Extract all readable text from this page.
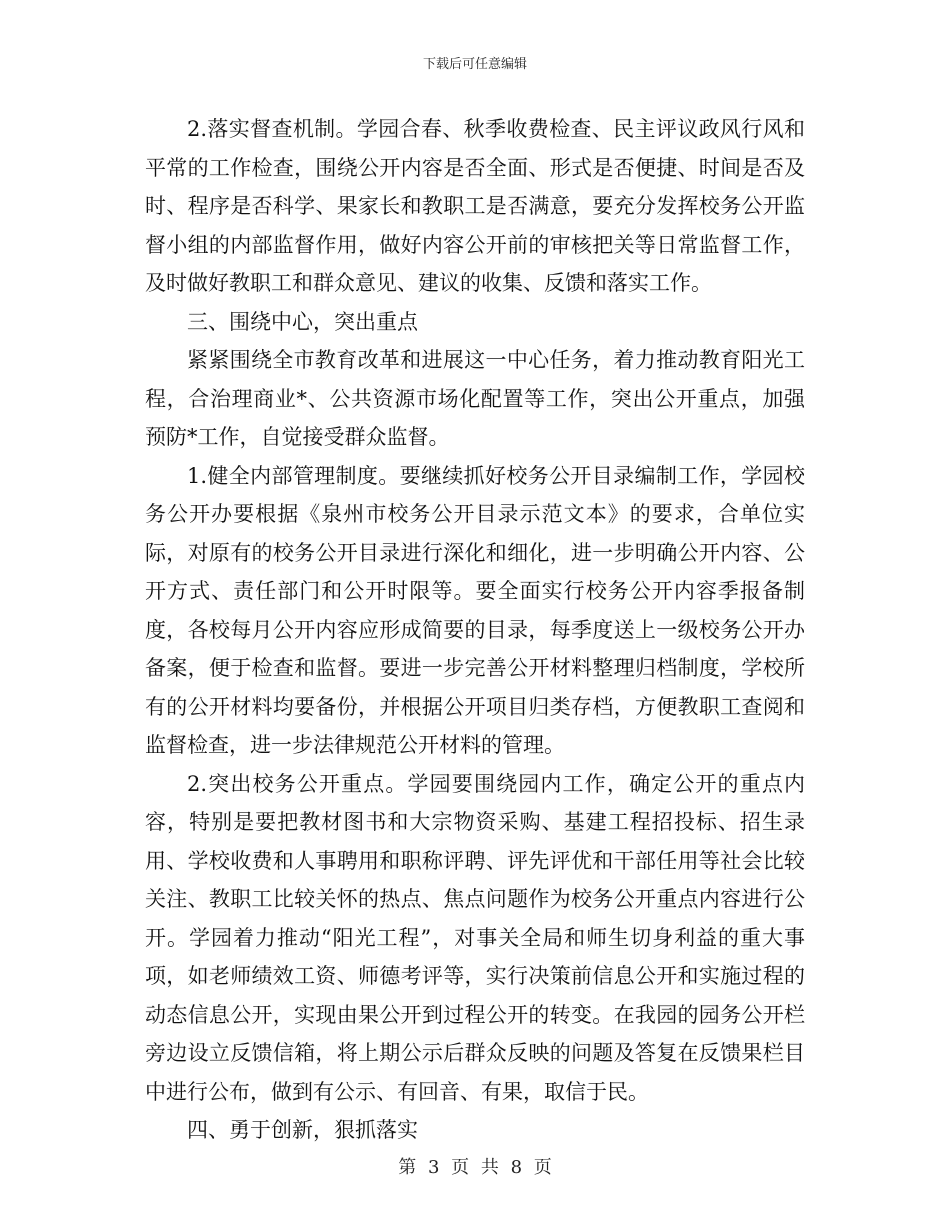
下载后可任意编辑

2.落实督查机制。学园合春、秋季收费检查、民主评议政风行风和平常的工作检查，围绕公开内容是否全面、形式是否便捷、时间是否及时、程序是否科学、果家长和教职工是否满意，要充分发挥校务公开监督小组的内部监督作用，做好内容公开前的审核把关等日常监督工作，及时做好教职工和群众意见、建议的收集、反馈和落实工作。

三、围绕中心，突出重点

紧紧围绕全市教育改革和进展这一中心任务，着力推动教育阳光工程，合治理商业*、公共资源市场化配置等工作，突出公开重点，加强预防*工作，自觉接受群众监督。

1.健全内部管理制度。要继续抓好校务公开目录编制工作，学园校务公开办要根据《泉州市校务公开目录示范文本》的要求，合单位实际，对原有的校务公开目录进行深化和细化，进一步明确公开内容、公开方式、责任部门和公开时限等。要全面实行校务公开内容季报备制度，各校每月公开内容应形成简要的目录，每季度送上一级校务公开办备案，便于检查和监督。要进一步完善公开材料整理归档制度，学校所有的公开材料均要备份，并根据公开项目归类存档，方便教职工查阅和监督检查，进一步法律规范公开材料的管理。

2.突出校务公开重点。学园要围绕园内工作，确定公开的重点内容，特别是要把教材图书和大宗物资采购、基建工程招投标、招生录用、学校收费和人事聘用和职称评聘、评先评优和干部任用等社会比较关注、教职工比较关怀的热点、焦点问题作为校务公开重点内容进行公开。学园着力推动“阳光工程”，对事关全局和师生切身利益的重大事项，如老师绩效工资、师德考评等，实行决策前信息公开和实施过程的动态信息公开，实现由果公开到过程公开的转变。在我园的园务公开栏旁边设立反馈信箱，将上期公示后群众反映的问题及答复在反馈果栏目中进行公布，做到有公示、有回音、有果，取信于民。

四、勇于创新，狠抓落实

第 3 页 共 8 页
